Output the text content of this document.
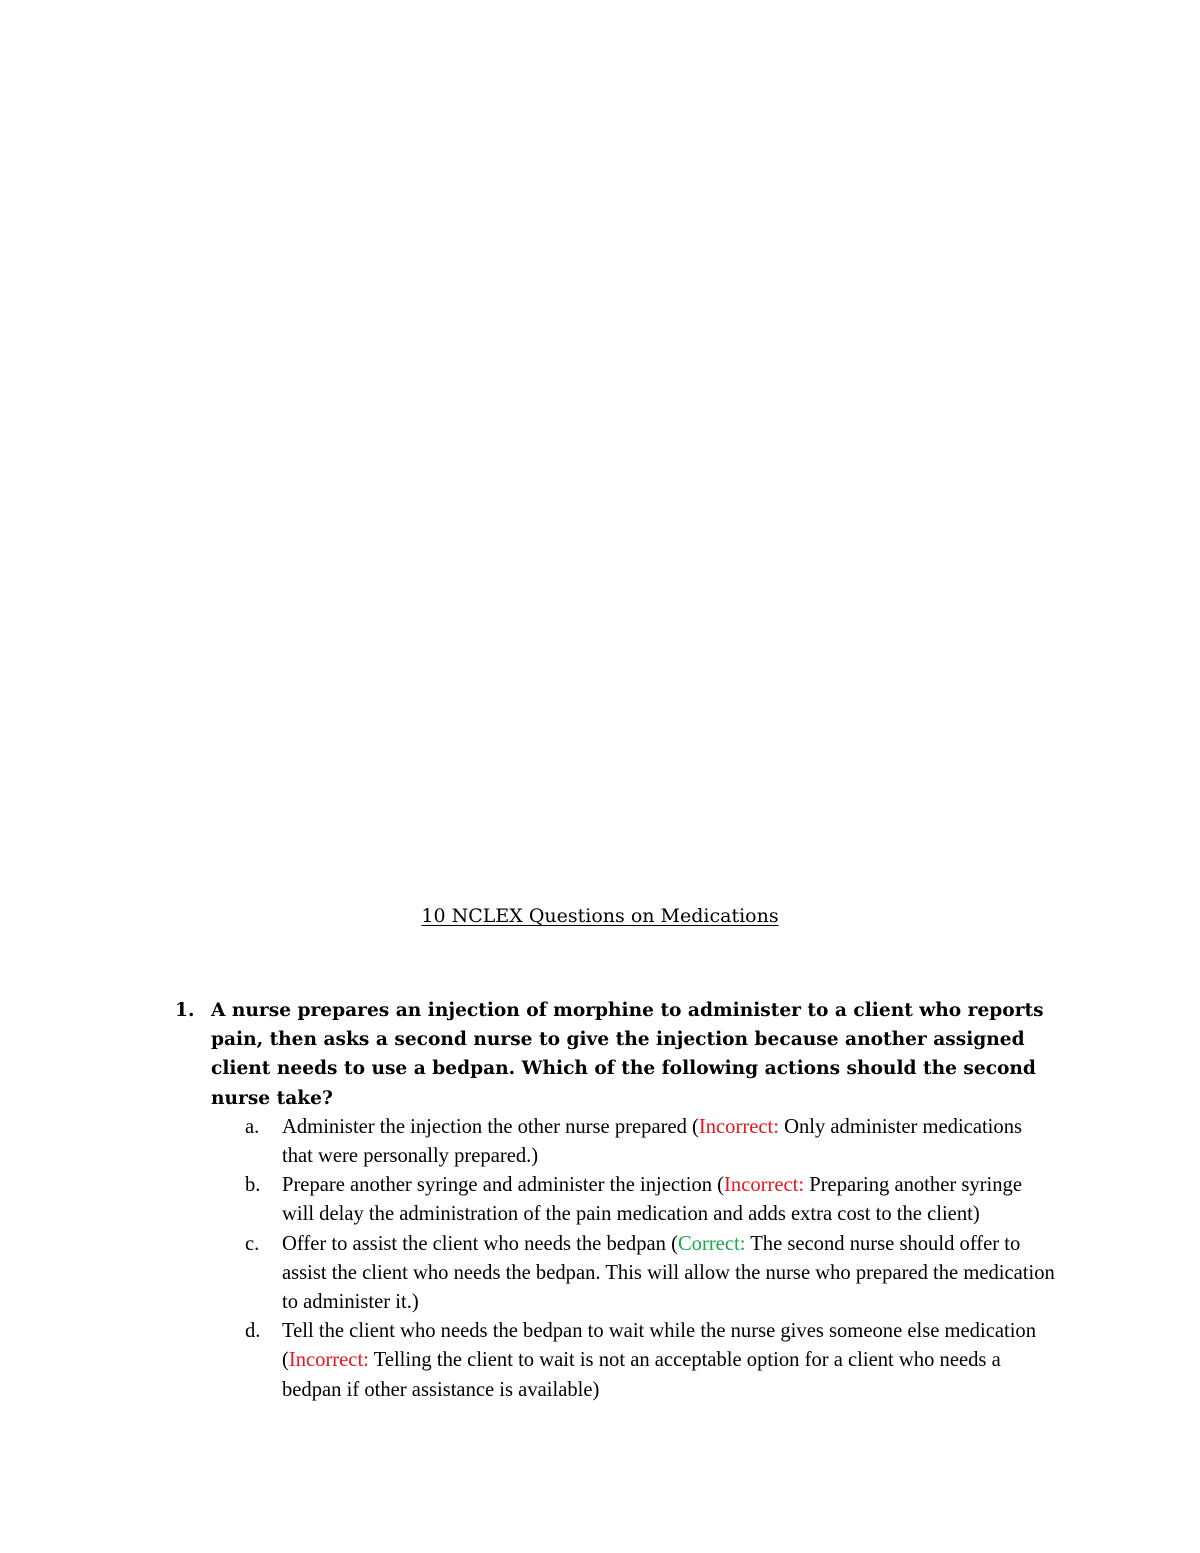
10 NCLEX Questions on Medications
1. A nurse prepares an injection of morphine to administer to a client who reports pain, then asks a second nurse to give the injection because another assigned client needs to use a bedpan. Which of the following actions should the second nurse take?
a.	Administer the injection the other nurse prepared (Incorrect: Only administer medications that were personally prepared.)
b.	Prepare another syringe and administer the injection (Incorrect: Preparing another syringe will delay the administration of the pain medication and adds extra cost to the client)
c.	Offer to assist the client who needs the bedpan (Correct: The second nurse should offer to assist the client who needs the bedpan. This will allow the nurse who prepared the medication to administer it.)
d.	Tell the client who needs the bedpan to wait while the nurse gives someone else medication (Incorrect: Telling the client to wait is not an acceptable option for a client who needs a bedpan if other assistance is available)
